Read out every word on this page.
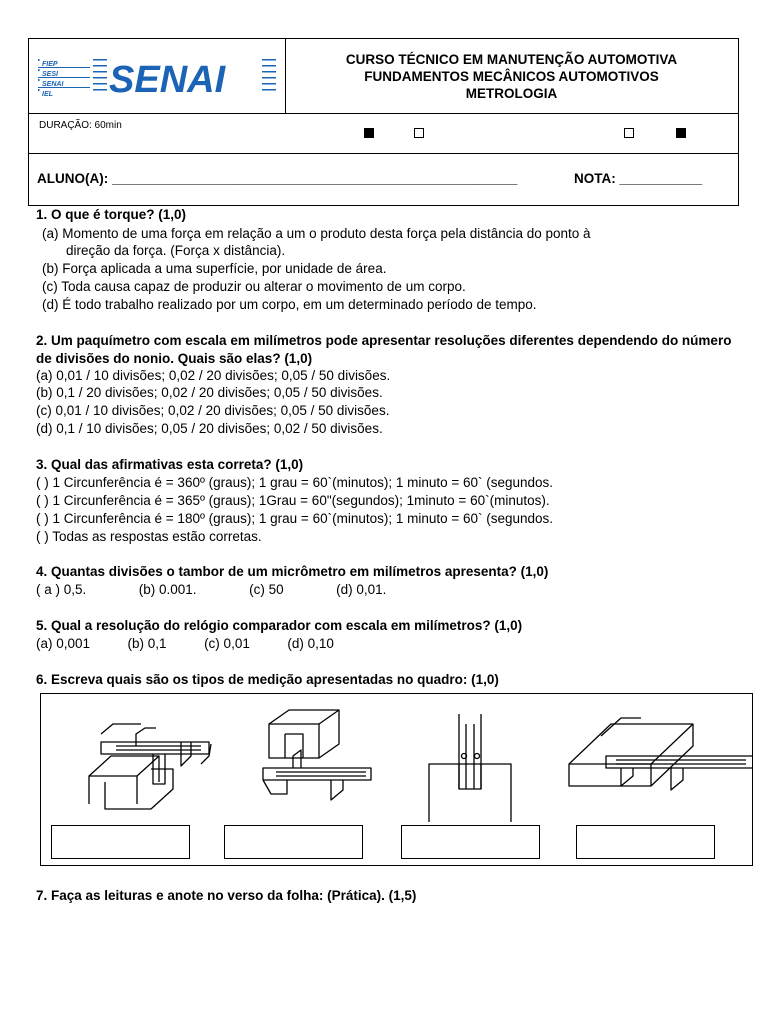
FIEP
SESI
SENAI
IEL SENAI	CURSO TÉCNICO EM MANUTENÇÃO AUTOMOTIVA
FUNDAMENTOS MECÂNICOS AUTOMOTIVOS
METROLOGIA
DURAÇÃO: 60min
ALUNO(A): ______________________________________________________	NOTA: ___________
1. O que é torque? (1,0)
(a) Momento de uma força em relação a um o produto desta força pela distância do ponto à
direção da força. (Força x distância).
(b) Força aplicada a uma superfície, por unidade de área.
(c) Toda causa capaz de produzir ou alterar o movimento de um corpo.
(d) É todo trabalho realizado por um corpo, em um determinado período de tempo.
2. Um paquímetro com escala em milímetros pode apresentar resoluções diferentes dependendo do número de divisões do nonio. Quais são elas? (1,0)
(a) 0,01 / 10 divisões; 0,02 / 20 divisões; 0,05 / 50 divisões.
(b) 0,1 / 20 divisões; 0,02 / 20 divisões; 0,05 / 50 divisões.
(c) 0,01 / 10 divisões; 0,02 / 20 divisões; 0,05 / 50 divisões.
(d) 0,1 / 10 divisões; 0,05 / 20 divisões; 0,02 / 50 divisões.
3. Qual das afirmativas esta correta? (1,0)
( ) 1 Circunferência é = 360º (graus); 1 grau = 60`(minutos); 1 minuto = 60` (segundos.
( ) 1 Circunferência é = 365º (graus); 1Grau = 60"(segundos); 1minuto = 60`(minutos).
( ) 1 Circunferência é = 180º (graus); 1 grau = 60`(minutos); 1 minuto = 60` (segundos.
( ) Todas as respostas estão corretas.
4. Quantas divisões o tambor de um micrômetro em milímetros apresenta? (1,0)
( a ) 0,5.              (b) 0.001.              (c) 50              (d) 0,01.
5. Qual a resolução do relógio comparador com escala em milímetros? (1,0)
(a) 0,001          (b) 0,1          (c) 0,01          (d) 0,10
6. Escreva quais são os tipos de medição apresentadas no quadro: (1,0)
7. Faça as leituras e anote no verso da folha: (Prática). (1,5)
